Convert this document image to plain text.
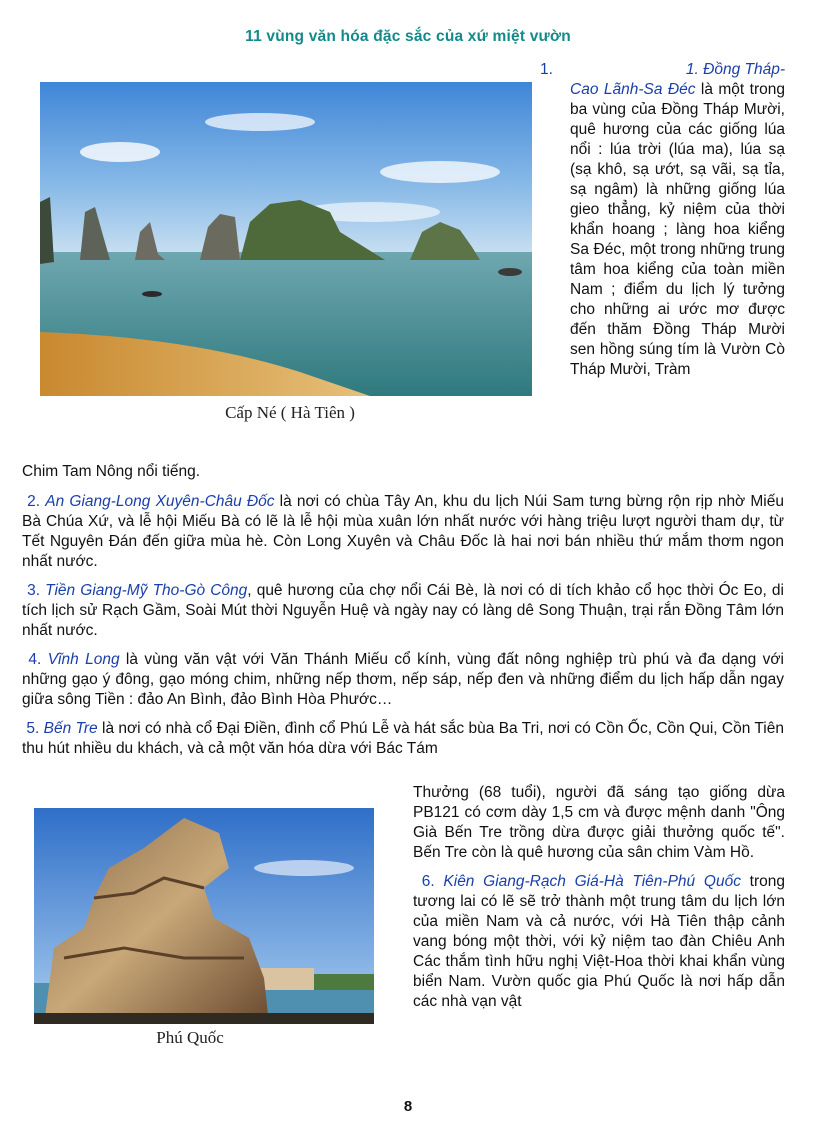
11 vùng văn hóa đặc sắc của xứ miệt vườn
Cấp Né ( Hà Tiên )
1.	1. Đồng Tháp-
Cao Lãnh-Sa Đéc là một trong ba vùng của Đồng Tháp Mười, quê hương của các giống lúa nổi : lúa trời (lúa ma), lúa sạ (sạ khô, sạ ướt, sạ vãi, sạ tỉa, sạ ngâm) là những giống lúa gieo thẳng, kỷ niệm của thời khẩn hoang ; làng hoa kiểng Sa Đéc, một trong những trung tâm hoa kiểng của toàn miền Nam ; điểm du lịch lý tưởng cho những ai ước mơ được đến thăm Đồng Tháp Mười sen hồng súng tím là Vườn Cò Tháp Mười, Tràm
Chim Tam Nông nổi tiếng.

2. An Giang-Long Xuyên-Châu Đốc là nơi có chùa Tây An, khu du lịch Núi Sam tưng bừng rộn rịp nhờ Miếu Bà Chúa Xứ, và lễ hội Miếu Bà có lẽ là lễ hội mùa xuân lớn nhất nước với hàng triệu lượt người tham dự, từ Tết Nguyên Đán đến giữa mùa hè. Còn Long Xuyên và Châu Đốc là hai nơi bán nhiều thứ mắm thơm ngon nhất nước.

3. Tiền Giang-Mỹ Tho-Gò Công, quê hương của chợ nổi Cái Bè, là nơi có di tích khảo cổ học thời Óc Eo, di tích lịch sử Rạch Gầm, Soài Mút thời Nguyễn Huệ và ngày nay có làng dê Song Thuận, trại rắn Đồng Tâm lớn nhất nước.

4. Vĩnh Long là vùng văn vật với Văn Thánh Miếu cổ kính, vùng đất nông nghiệp trù phú và đa dạng với những gạo ý đông, gạo móng chim, những nếp thơm, nếp sáp, nếp đen và những điểm du lịch hấp dẫn ngay giữa sông Tiền : đảo An Bình, đảo Bình Hòa Phước…

5. Bến Tre là nơi có nhà cổ Đại Điền, đình cổ Phú Lễ và hát sắc bùa Ba Tri, nơi có Cồn Ốc, Cồn Qui, Cồn Tiên thu hút nhiều du khách, và cả một văn hóa dừa với Bác Tám

Phú Quốc

Thưởng (68 tuổi), người đã sáng tạo giống dừa PB121 có cơm dày 1,5 cm và được mệnh danh "Ông Già Bến Tre trồng dừa được giải thưởng quốc tế". Bến Tre còn là quê hương của sân chim Vàm Hồ.

6. Kiên Giang-Rạch Giá-Hà Tiên-Phú Quốc trong tương lai có lẽ sẽ trở thành một trung tâm du lịch lớn của miền Nam và cả nước, với Hà Tiên thập cảnh vang bóng một thời, với kỷ niệm tao đàn Chiêu Anh Các thắm tình hữu nghị Việt-Hoa thời khai khẩn vùng biển Nam. Vườn quốc gia Phú Quốc là nơi hấp dẫn các nhà vạn vật

8
